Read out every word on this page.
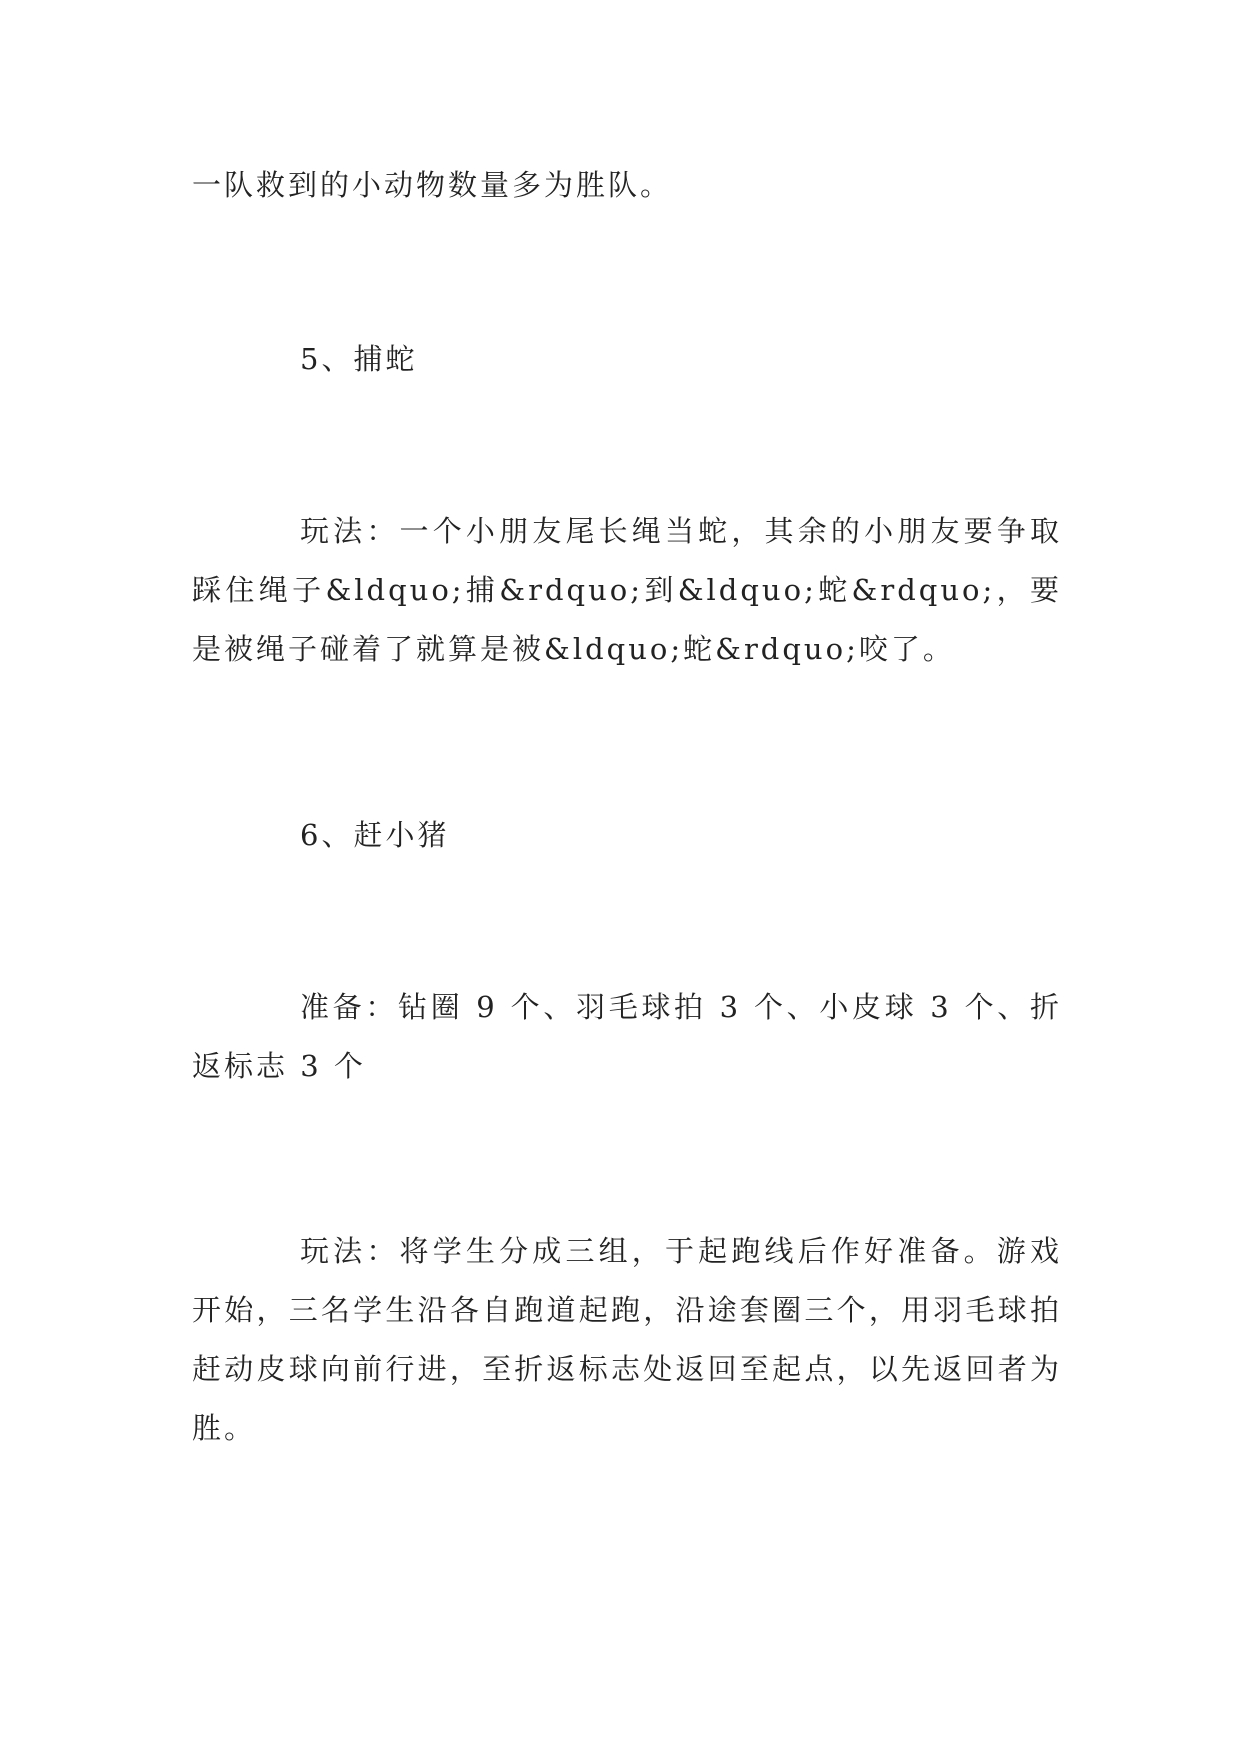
一队救到的小动物数量多为胜队。

5、捕蛇

玩法：一个小朋友尾长绳当蛇，其余的小朋友要争取踩住绳子&ldquo;捕&rdquo;到&ldquo;蛇&rdquo;，要是被绳子碰着了就算是被&ldquo;蛇&rdquo;咬了。

6、赶小猪

准备：钻圈 9 个、羽毛球拍 3 个、小皮球 3 个、折返标志 3 个

玩法：将学生分成三组，于起跑线后作好准备。游戏开始，三名学生沿各自跑道起跑，沿途套圈三个，用羽毛球拍赶动皮球向前行进，至折返标志处返回至起点，以先返回者为胜。
